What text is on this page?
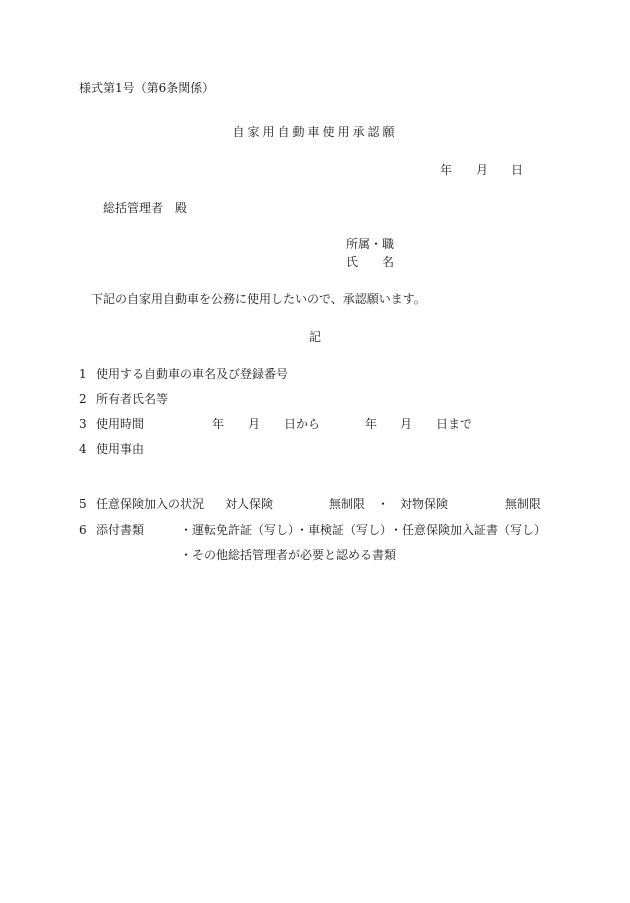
様式第1号（第6条関係）
自家用自動車使用承認願
年 月 日
総括管理者　殿
所属・職
氏 名
下記の自家用自動車を公務に使用したいので、承認願います。
記
1 使用する自動車の車名及び登録番号
2 所有者氏名等
3 使用時間	年 月 日から	年 月 日まで
4 使用事由
5 任意保険加入の状況 対人保険	無制限 ・ 対物保険	無制限
6 添付書類	・運転免許証（写し）
・車検証（写し）
・任意保険加入証書（写し）
・その他総括管理者が必要と認める書類
